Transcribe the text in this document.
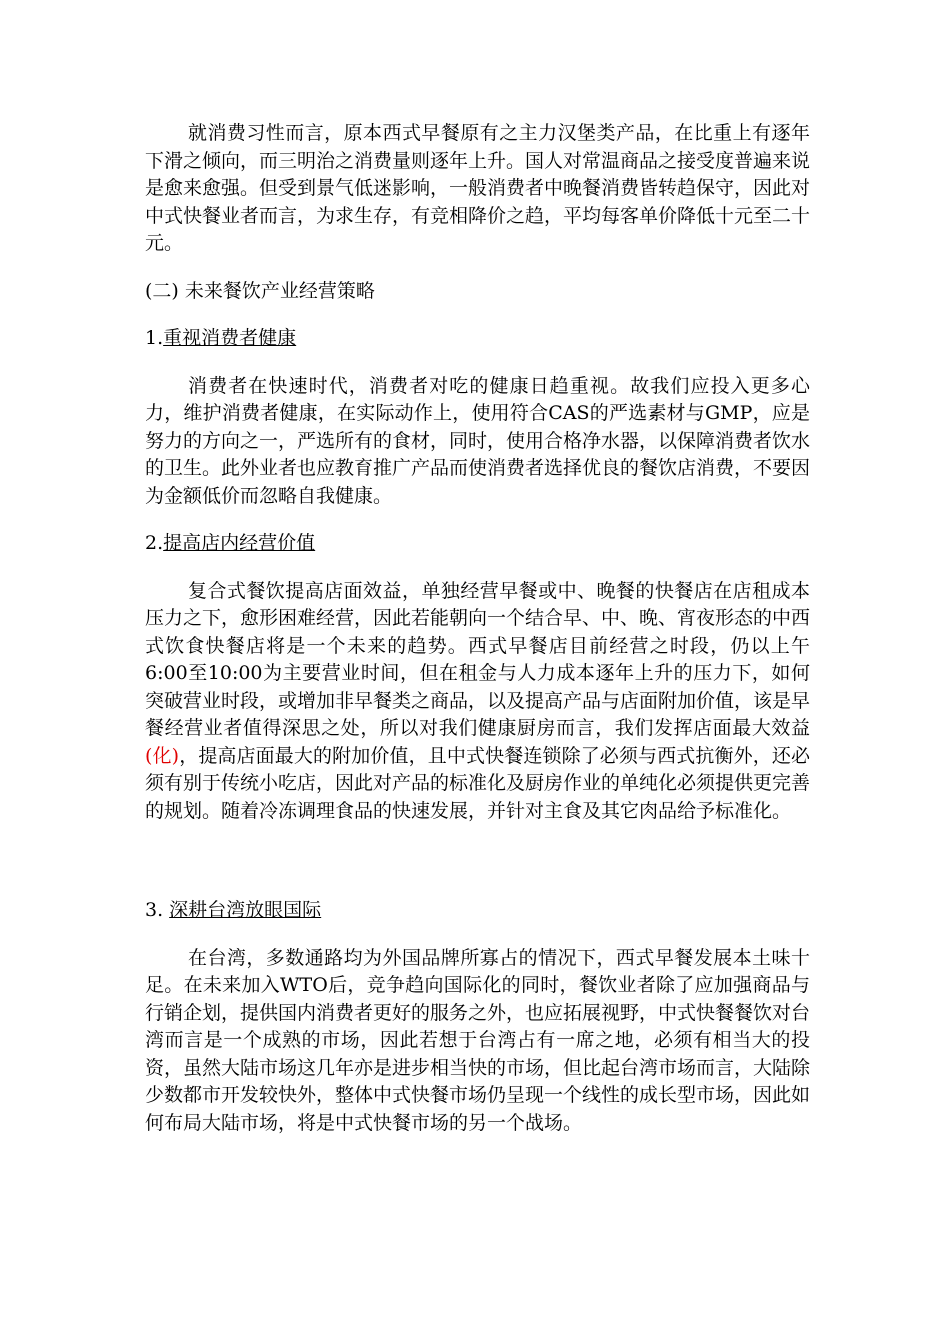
就消费习性而言，原本西式早餐原有之主力汉堡类产品，在比重上有逐年下滑之倾向，而三明治之消费量则逐年上升。国人对常温商品之接受度普遍来说是愈来愈强。但受到景气低迷影响，一般消费者中晚餐消费皆转趋保守，因此对中式快餐业者而言，为求生存，有竞相降价之趋，平均每客单价降低十元至二十元。

(二) 未来餐饮产业经营策略

1.重视消费者健康

消费者在快速时代，消费者对吃的健康日趋重视。故我们应投入更多心力，维护消费者健康，在实际动作上，使用符合CAS的严选素材与GMP，应是努力的方向之一，严选所有的食材，同时，使用合格净水器，以保障消费者饮水的卫生。此外业者也应教育推广产品而使消费者选择优良的餐饮店消费，不要因为金额低价而忽略自我健康。

2.提高店内经营价值

复合式餐饮提高店面效益，单独经营早餐或中、晚餐的快餐店在店租成本压力之下，愈形困难经营，因此若能朝向一个结合早、中、晚、宵夜形态的中西式饮食快餐店将是一个未来的趋势。西式早餐店目前经营之时段，仍以上午6:00至10:00为主要营业时间，但在租金与人力成本逐年上升的压力下，如何突破营业时段，或增加非早餐类之商品，以及提高产品与店面附加价值，该是早餐经营业者值得深思之处，所以对我们健康厨房而言，我们发挥店面最大效益(化)，提高店面最大的附加价值，且中式快餐连锁除了必须与西式抗衡外，还必须有别于传统小吃店，因此对产品的标准化及厨房作业的单纯化必须提供更完善的规划。随着冷冻调理食品的快速发展，并针对主食及其它肉品给予标准化。

3. 深耕台湾放眼国际

在台湾，多数通路均为外国品牌所寡占的情况下，西式早餐发展本土味十足。在未来加入WTO后，竞争趋向国际化的同时，餐饮业者除了应加强商品与行销企划，提供国内消费者更好的服务之外，也应拓展视野，中式快餐餐饮对台湾而言是一个成熟的市场，因此若想于台湾占有一席之地，必须有相当大的投资，虽然大陆市场这几年亦是进步相当快的市场，但比起台湾市场而言，大陆除少数都市开发较快外，整体中式快餐市场仍呈现一个线性的成长型市场，因此如何布局大陆市场，将是中式快餐市场的另一个战场。
